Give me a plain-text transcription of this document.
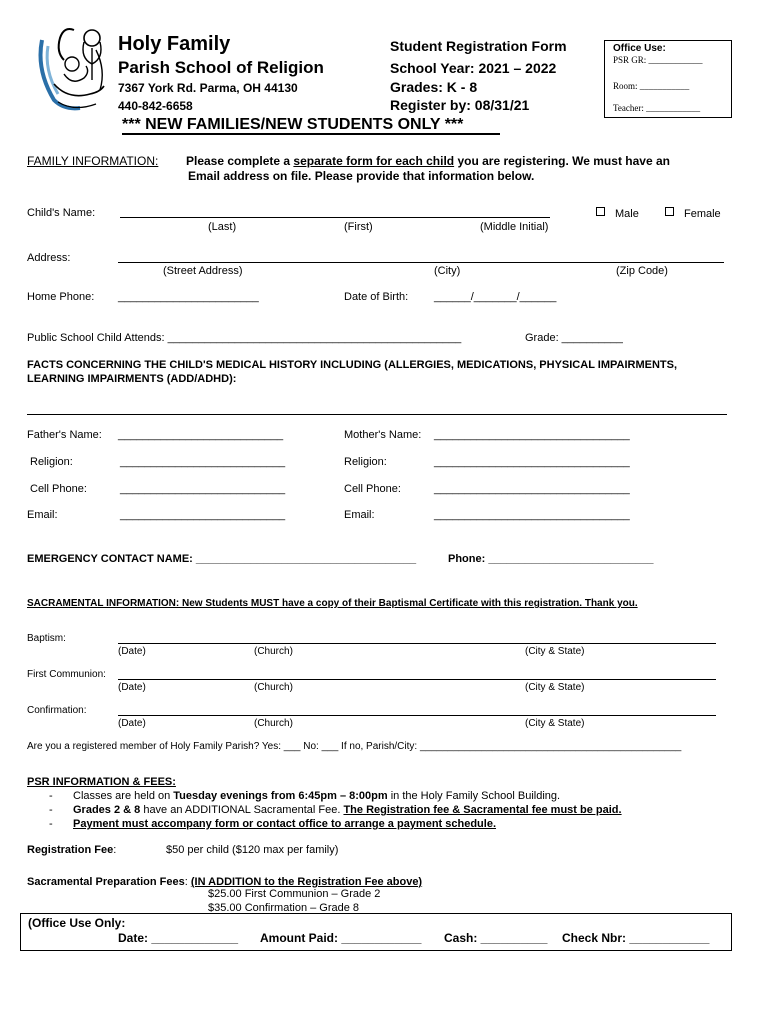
Holy Family
Parish School of Religion
7367 York Rd. Parma, OH 44130
440-842-6658
Student Registration Form
School Year: 2021 – 2022
Grades: K - 8
Register by: 08/31/21
Office Use:
PSR GR: ____________
Room: ___________
Teacher: ____________
*** NEW FAMILIES/NEW STUDENTS ONLY ***
FAMILY INFORMATION: Please complete a separate form for each child you are registering. We must have an
Email address on file. Please provide that information below.
Child's Name:
(Last)	(First)	(Middle Initial)
Male	Female
Address:
(Street Address)	(City)	(Zip Code)
Home Phone: _______________________	Date of Birth: ______/_______/______
Public School Child Attends: ________________________________________________	Grade: __________
FACTS CONCERNING THE CHILD'S MEDICAL HISTORY INCLUDING (ALLERGIES, MEDICATIONS, PHYSICAL IMPAIRMENTS,
LEARNING IMPAIRMENTS (ADD/ADHD):
Father's Name: ___________________________	Mother's Name: ________________________________
Religion:	___________________________	Religion:	________________________________
Cell Phone:	___________________________	Cell Phone:	________________________________
Email:	___________________________	Email:	________________________________
EMERGENCY CONTACT NAME: ____________________________________	Phone: ___________________________
SACRAMENTAL INFORMATION: New Students MUST have a copy of their Baptismal Certificate with this registration. Thank you.
Baptism:
(Date)	(Church)	(City & State)
First Communion:
(Date)	(Church)	(City & State)
Confirmation:
(Date)	(Church)	(City & State)
Are you a registered member of Holy Family Parish? Yes: ___ No: ___ If no, Parish/City: _______________________________________________
PSR INFORMATION & FEES:
- Classes are held on Tuesday evenings from 6:45pm – 8:00pm in the Holy Family School Building.
- Grades 2 & 8 have an ADDITIONAL Sacramental Fee. The Registration fee & Sacramental fee must be paid.
- Payment must accompany form or contact office to arrange a payment schedule.
Registration Fee:	$50 per child ($120 max per family)
Sacramental Preparation Fees: (IN ADDITION to the Registration Fee above)
$25.00 First Communion – Grade 2
$35.00 Confirmation – Grade 8
(Office Use Only:
Date: _____________ Amount Paid: ____________ Cash: __________ Check Nbr: ____________
